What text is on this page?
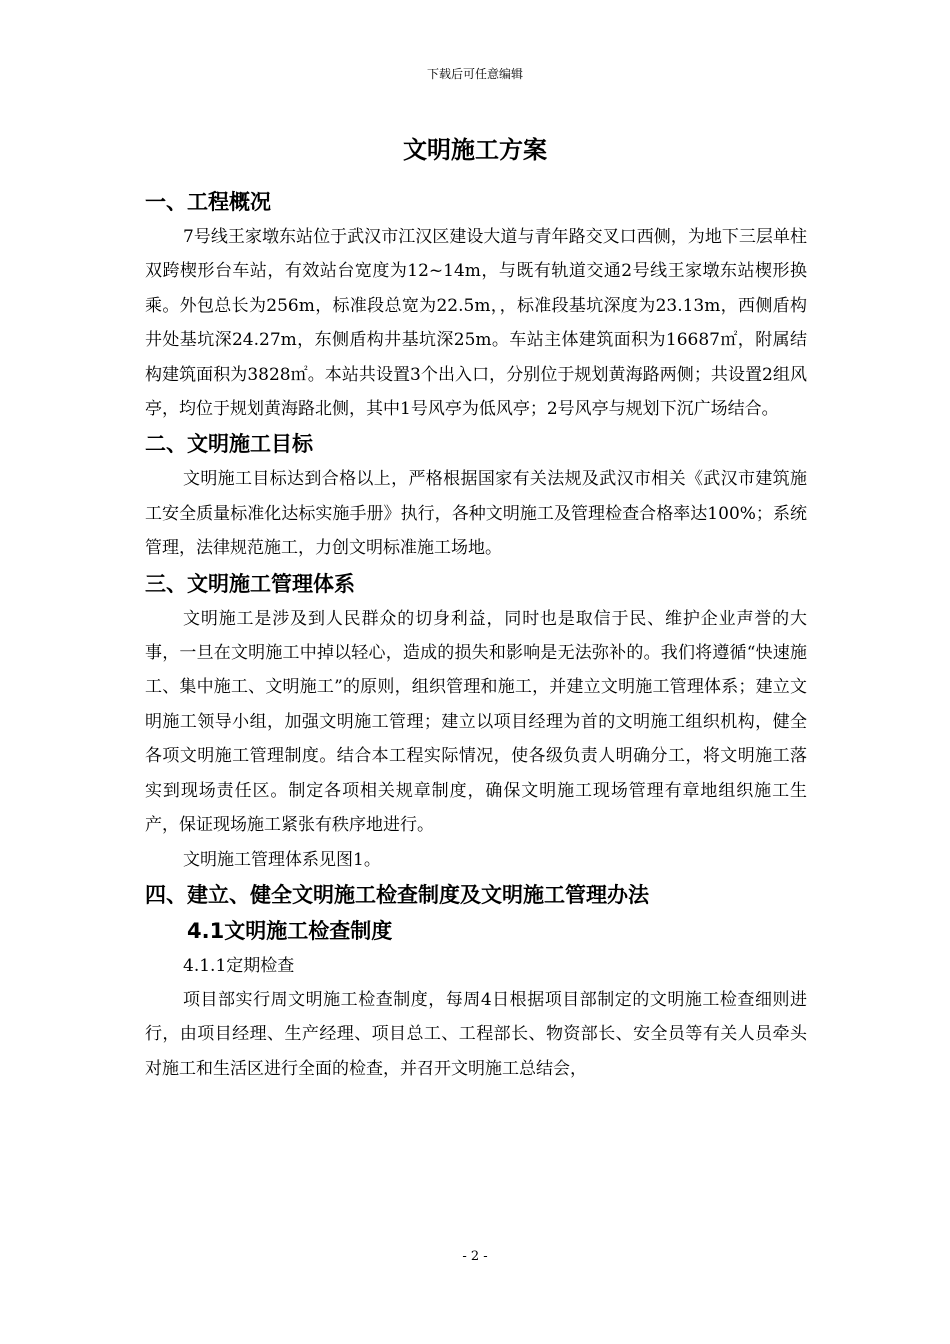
下载后可任意编辑
文明施工方案
一、工程概况

7号线王家墩东站位于武汉市江汉区建设大道与青年路交叉口西侧，为地下三层单柱双跨楔形台车站，有效站台宽度为12~14m，与既有轨道交通2号线王家墩东站楔形换乘。外包总长为256m，标准段总宽为22.5m，，标准段基坑深度为23.13m，西侧盾构井处基坑深24.27m，东侧盾构井基坑深25m。车站主体建筑面积为16687㎡，附属结构建筑面积为3828㎡。本站共设置3个出入口，分别位于规划黄海路两侧；共设置2组风亭，均位于规划黄海路北侧，其中1号风亭为低风亭；2号风亭与规划下沉广场结合。

二、文明施工目标

文明施工目标达到合格以上，严格根据国家有关法规及武汉市相关《武汉市建筑施工安全质量标准化达标实施手册》执行，各种文明施工及管理检查合格率达100%；系统管理，法律规范施工，力创文明标准施工场地。

三、文明施工管理体系

文明施工是涉及到人民群众的切身利益，同时也是取信于民、维护企业声誉的大事，一旦在文明施工中掉以轻心，造成的损失和影响是无法弥补的。我们将遵循“快速施工、集中施工、文明施工”的原则，组织管理和施工，并建立文明施工管理体系；建立文明施工领导小组，加强文明施工管理；建立以项目经理为首的文明施工组织机构，健全各项文明施工管理制度。结合本工程实际情况，使各级负责人明确分工，将文明施工落实到现场责任区。制定各项相关规章制度，确保文明施工现场管理有章地组织施工生产，保证现场施工紧张有秩序地进行。

文明施工管理体系见图1。

四、建立、健全文明施工检查制度及文明施工管理办法
4.1文明施工检查制度
4.1.1定期检查

项目部实行周文明施工检查制度，每周4日根据项目部制定的文明施工检查细则进行，由项目经理、生产经理、项目总工、工程部长、物资部长、安全员等有关人员牵头对施工和生活区进行全面的检查，并召开文明施工总结会，

- 2 -
